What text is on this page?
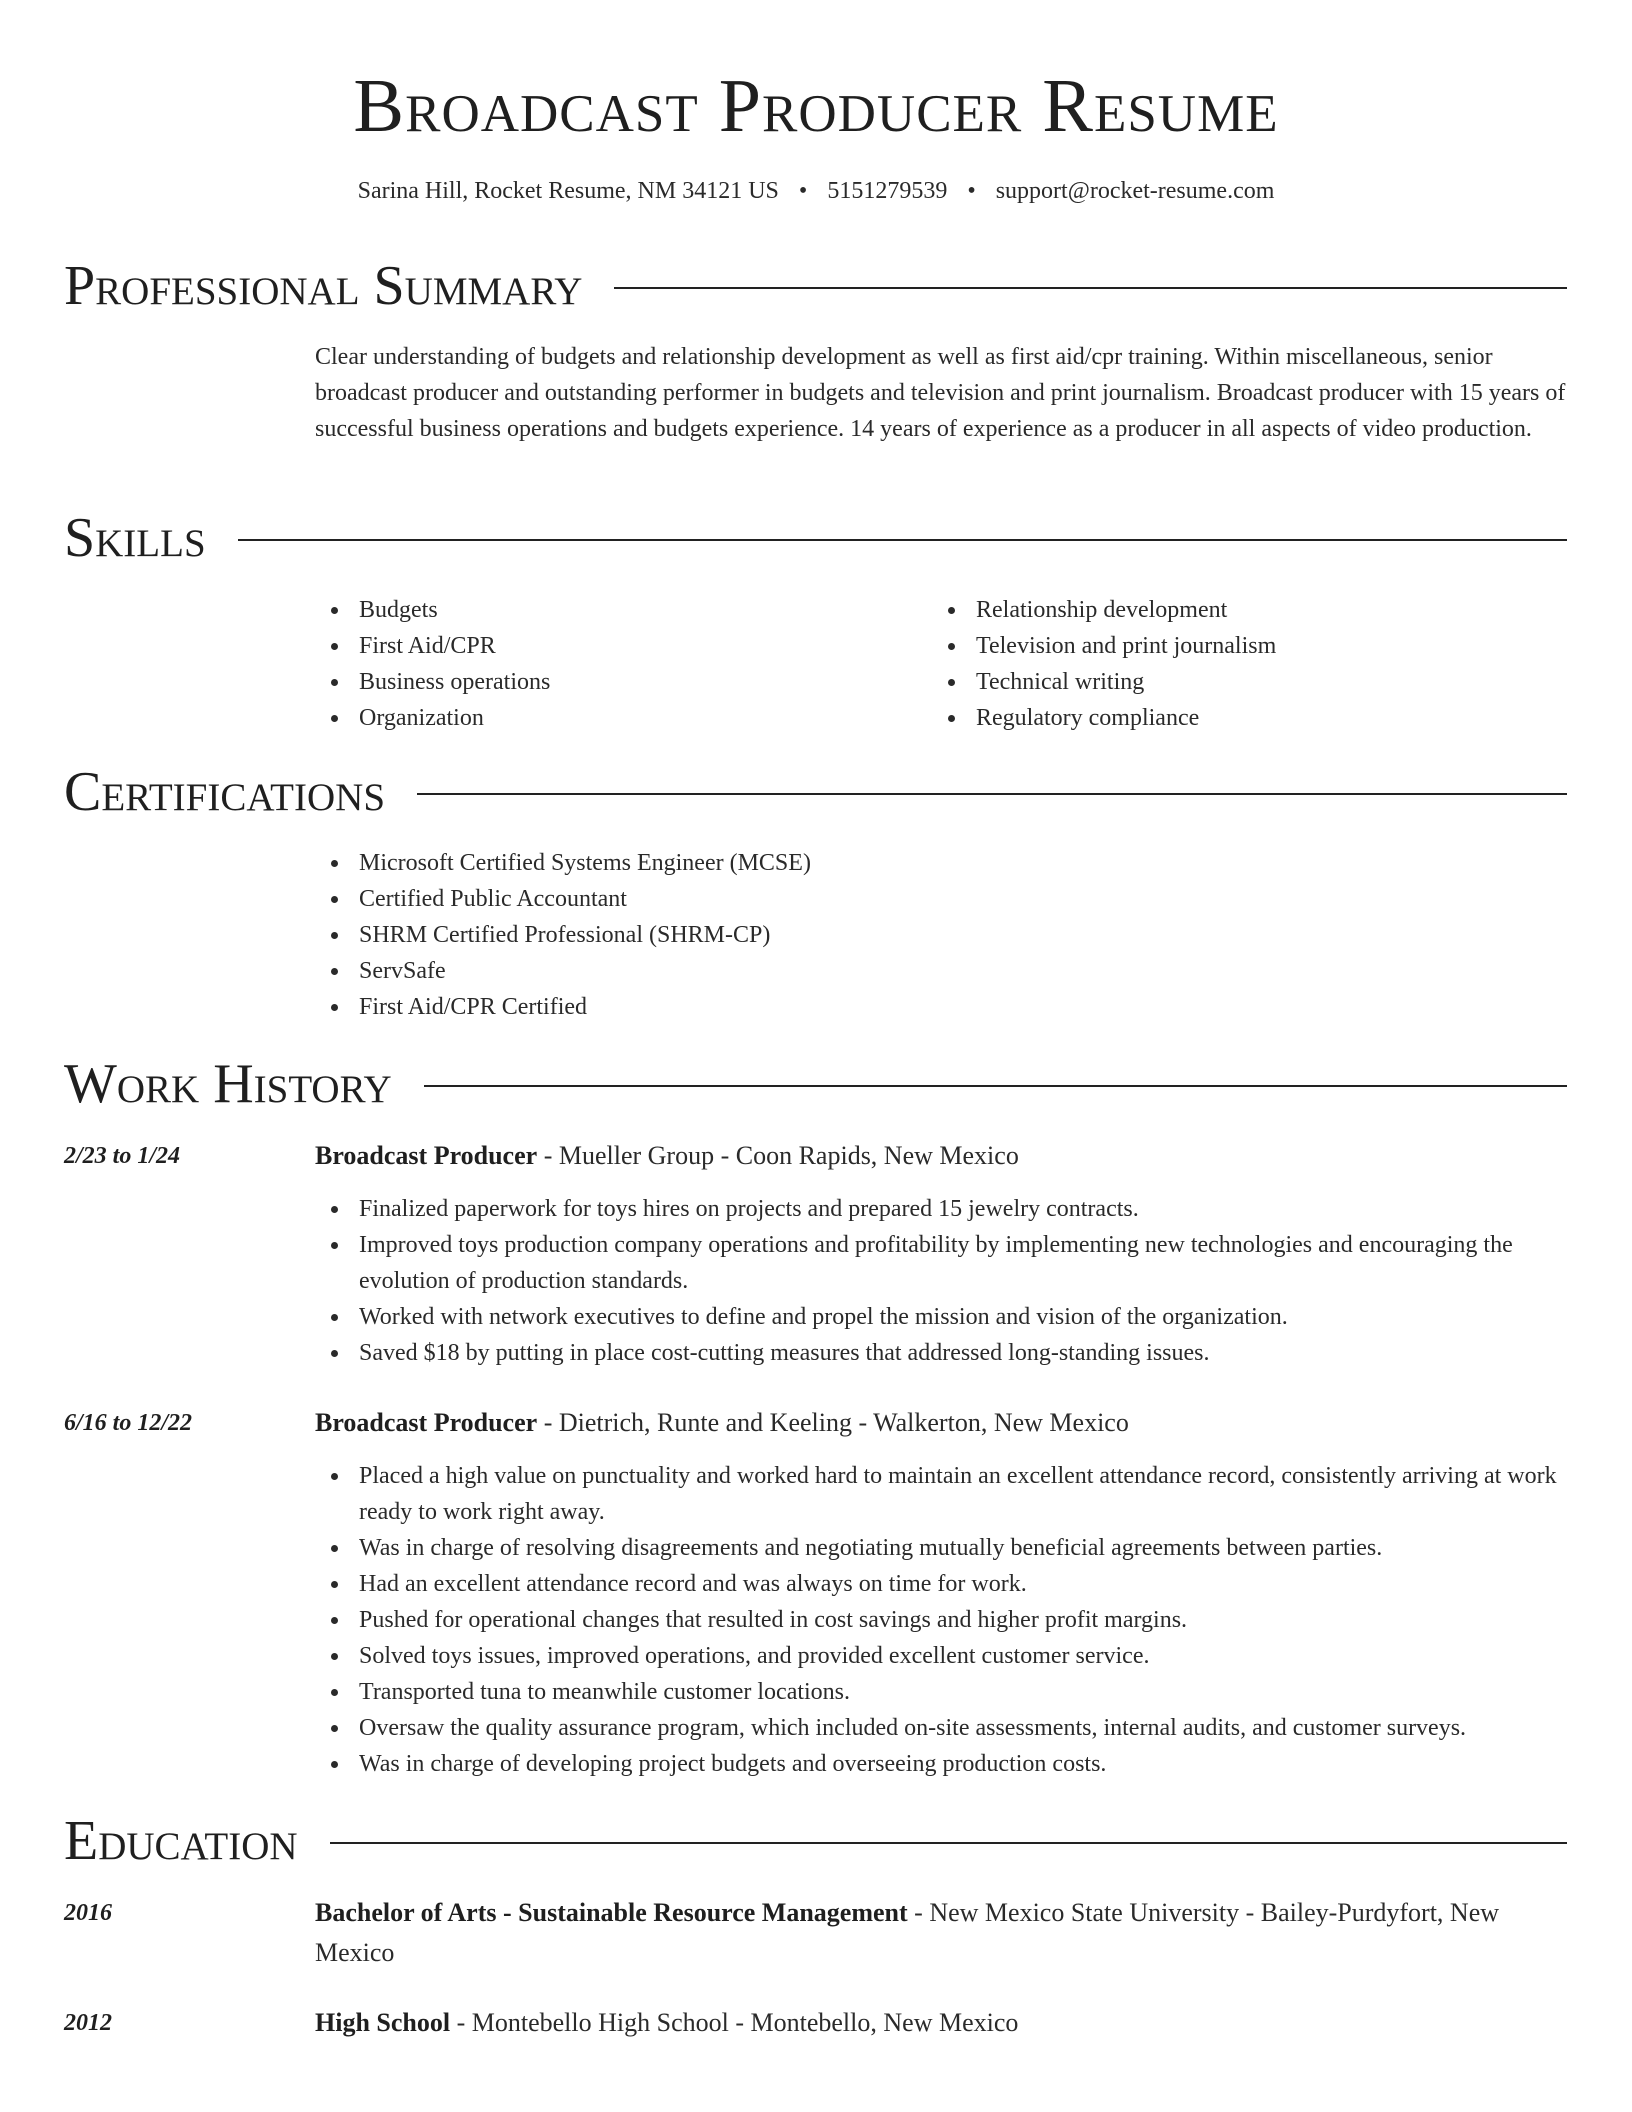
Broadcast Producer Resume
Sarina Hill, Rocket Resume, NM 34121 US • 5151279539 • support@rocket-resume.com
Professional Summary

Clear understanding of budgets and relationship development as well as first aid/cpr training. Within miscellaneous, senior broadcast producer and outstanding performer in budgets and television and print journalism. Broadcast producer with 15 years of successful business operations and budgets experience. 14 years of experience as a producer in all aspects of video production.

Skills
Budgets
First Aid/CPR
Business operations
Organization
Relationship development
Television and print journalism
Technical writing
Regulatory compliance
Certifications
Microsoft Certified Systems Engineer (MCSE)
Certified Public Accountant
SHRM Certified Professional (SHRM-CP)
ServSafe
First Aid/CPR Certified
Work History
2/23 to 1/24	Broadcast Producer - Mueller Group - Coon Rapids, New Mexico
Finalized paperwork for toys hires on projects and prepared 15 jewelry contracts.
Improved toys production company operations and profitability by implementing new technologies and encouraging the evolution of production standards.
Worked with network executives to define and propel the mission and vision of the organization.
Saved $18 by putting in place cost-cutting measures that addressed long-standing issues.
6/16 to 12/22	Broadcast Producer - Dietrich, Runte and Keeling - Walkerton, New Mexico
Placed a high value on punctuality and worked hard to maintain an excellent attendance record, consistently arriving at work ready to work right away.
Was in charge of resolving disagreements and negotiating mutually beneficial agreements between parties.
Had an excellent attendance record and was always on time for work.
Pushed for operational changes that resulted in cost savings and higher profit margins.
Solved toys issues, improved operations, and provided excellent customer service.
Transported tuna to meanwhile customer locations.
Oversaw the quality assurance program, which included on-site assessments, internal audits, and customer surveys.
Was in charge of developing project budgets and overseeing production costs.
Education
2016	Bachelor of Arts - Sustainable Resource Management - New Mexico State University - Bailey-Purdyfort, New Mexico
2012	High School - Montebello High School - Montebello, New Mexico
